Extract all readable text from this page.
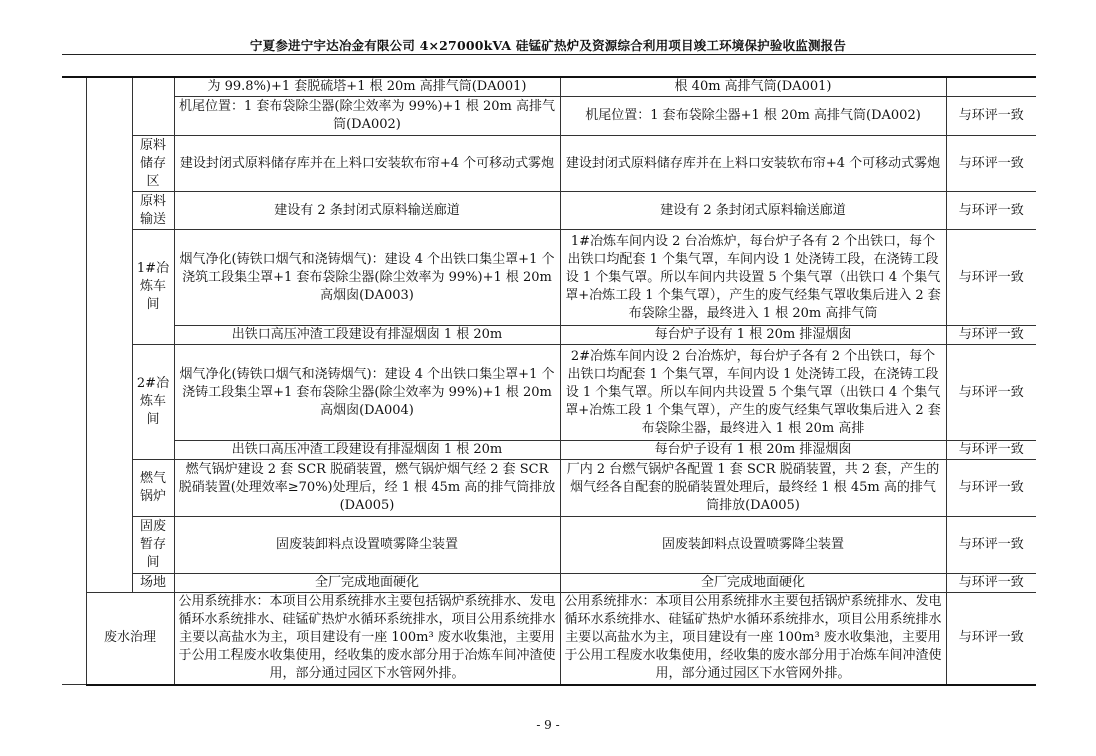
宁夏参进宁宇达冶金有限公司 4×27000kVA 硅锰矿热炉及资源综合利用项目竣工环境保护验收监测报告
			为 99.8%)+1 套脱硫塔+1 根 20m 高排气筒(DA001)	根 40m 高排气筒(DA001)	
			机尾位置：1 套布袋除尘器(除尘效率为 99%)+1 根 20m 高排气筒(DA002)	机尾位置：1 套布袋除尘器+1 根 20m 高排气筒(DA002)	与环评一致
		原料储存区	建设封闭式原料储存库并在上料口安装软布帘+4 个可移动式雾炮	建设封闭式原料储存库并在上料口安装软布帘+4 个可移动式雾炮	与环评一致
		原料输送	建设有 2 条封闭式原料输送廊道	建设有 2 条封闭式原料输送廊道	与环评一致
		1#冶炼车间	烟气净化(铸铁口烟气和浇铸烟气)：建设 4 个出铁口集尘罩+1 个浇筑工段集尘罩+1 套布袋除尘器(除尘效率为 99%)+1 根 20m 高烟囱(DA003)	1#冶炼车间内设 2 台冶炼炉，每台炉子各有 2 个出铁口，每个出铁口均配套 1 个集气罩，车间内设 1 处浇铸工段，在浇铸工段设 1 个集气罩。所以车间内共设置 5 个集气罩（出铁口 4 个集气罩+冶炼工段 1 个集气罩），产生的废气经集气罩收集后进入 2 套布袋除尘器，最终进入 1 根 20m 高排气筒	与环评一致
			出铁口高压冲渣工段建设有排湿烟囱 1 根 20m	每台炉子设有 1 根 20m 排湿烟囱	与环评一致
		2#冶炼车间	烟气净化(铸铁口烟气和浇铸烟气)：建设 4 个出铁口集尘罩+1 个浇铸工段集尘罩+1 套布袋除尘器(除尘效率为 99%)+1 根 20m 高烟囱(DA004)	2#冶炼车间内设 2 台冶炼炉，每台炉子各有 2 个出铁口，每个出铁口均配套 1 个集气罩，车间内设 1 处浇铸工段，在浇铸工段设 1 个集气罩。所以车间内共设置 5 个集气罩（出铁口 4 个集气罩+冶炼工段 1 个集气罩），产生的废气经集气罩收集后进入 2 套布袋除尘器，最终进入 1 根 20m 高排	与环评一致
			出铁口高压冲渣工段建设有排湿烟囱 1 根 20m	每台炉子设有 1 根 20m 排湿烟囱	与环评一致
		燃气锅炉	燃气锅炉建设 2 套 SCR 脱硝装置，燃气锅炉烟气经 2 套 SCR 脱硝装置(处理效率≥70%)处理后，经 1 根 45m 高的排气筒排放(DA005)	厂内 2 台燃气锅炉各配置 1 套 SCR 脱硝装置，共 2 套，产生的烟气经各自配套的脱硝装置处理后，最终经 1 根 45m 高的排气筒排放(DA005)	与环评一致
		固废暂存间	固废装卸料点设置喷雾降尘装置	固废装卸料点设置喷雾降尘装置	与环评一致
		场地	全厂完成地面硬化	全厂完成地面硬化	与环评一致
	废水治理		公用系统排水：本项目公用系统排水主要包括锅炉系统排水、发电循环水系统排水、硅锰矿热炉水循环系统排水，项目公用系统排水主要以高盐水为主，项目建设有一座 100m³ 废水收集池，主要用于公用工程废水收集使用，经收集的废水部分用于冶炼车间冲渣使用，部分通过园区下水管网外排。	公用系统排水：本项目公用系统排水主要包括锅炉系统排水、发电循环水系统排水、硅锰矿热炉水循环系统排水，项目公用系统排水主要以高盐水为主，项目建设有一座 100m³ 废水收集池，主要用于公用工程废水收集使用，经收集的废水部分用于冶炼车间冲渣使用，部分通过园区下水管网外排。	与环评一致
- 9 -
